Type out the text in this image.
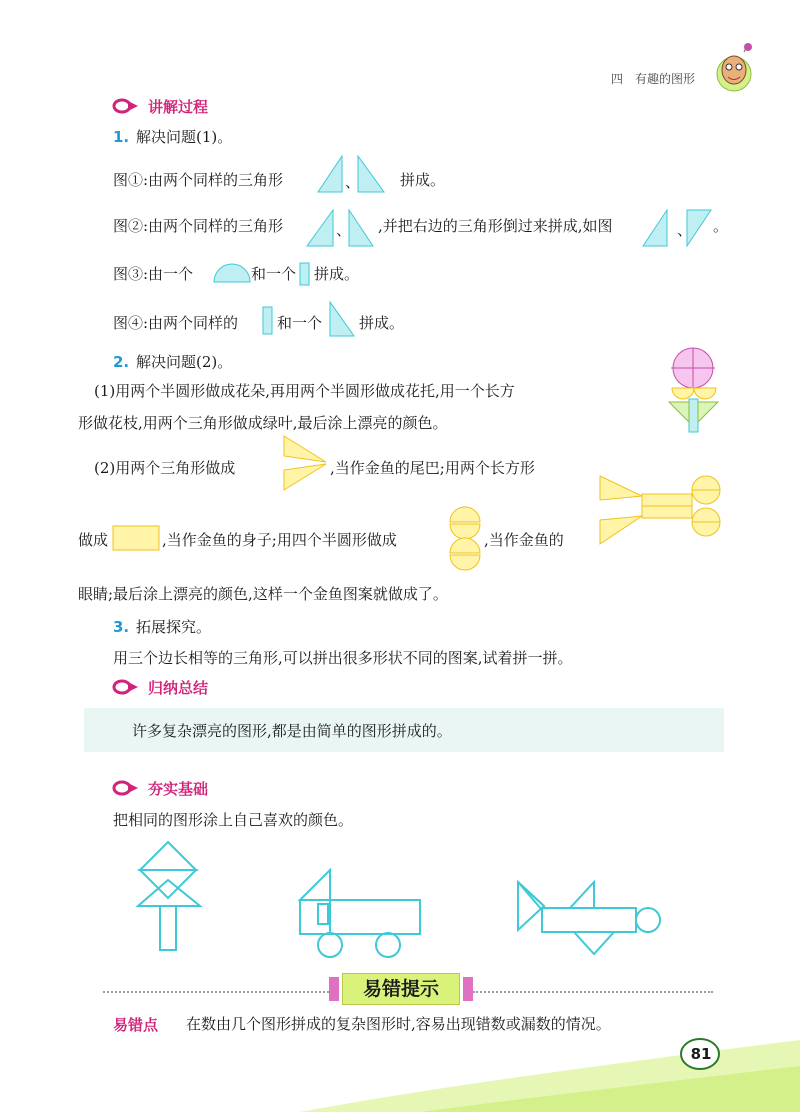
四　有趣的图形
讲解过程
1. 解决问题(1)。
图①:由两个同样的三角形	、	拼成。
图②:由两个同样的三角形	、 ,并把右边的三角形倒过来拼成,如图	、 。
图③:由一个	和一个 拼成。
图④:由两个同样的	和一个 拼成。
2. 解决问题(2)。
(1)用两个半圆形做成花朵,再用两个半圆形做成花托,用一个长方
形做花枝,用两个三角形做成绿叶,最后涂上漂亮的颜色。
(2)用两个三角形做成	,当作金鱼的尾巴;用两个长方形
做成	,当作金鱼的身子;用四个半圆形做成	,当作金鱼的
眼睛;最后涂上漂亮的颜色,这样一个金鱼图案就做成了。
3. 拓展探究。
用三个边长相等的三角形,可以拼出很多形状不同的图案,试着拼一拼。
归纳总结
许多复杂漂亮的图形,都是由简单的图形拼成的。
夯实基础
把相同的图形涂上自己喜欢的颜色。
易错提示
易错点 在数由几个图形拼成的复杂图形时,容易出现错数或漏数的情况。
81
